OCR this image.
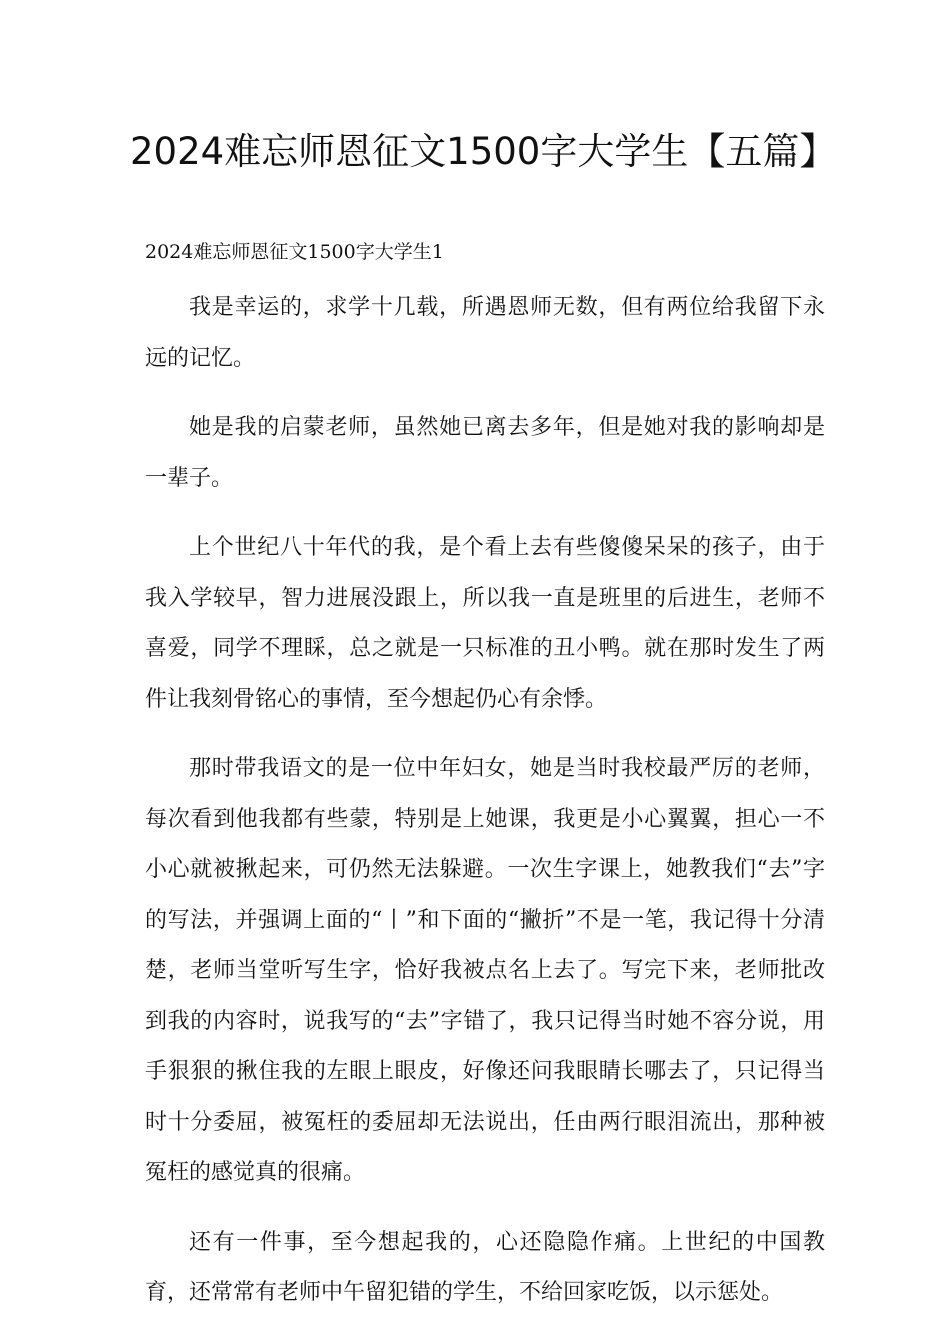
2024难忘师恩征文1500字大学生【五篇】

2024难忘师恩征文1500字大学生1

我是幸运的，求学十几载，所遇恩师无数，但有两位给我留下永远的记忆。

她是我的启蒙老师，虽然她已离去多年，但是她对我的影响却是一辈子。

上个世纪八十年代的我，是个看上去有些傻傻呆呆的孩子，由于我入学较早，智力进展没跟上，所以我一直是班里的后进生，老师不喜爱，同学不理睬，总之就是一只标准的丑小鸭。就在那时发生了两件让我刻骨铭心的事情，至今想起仍心有余悸。

那时带我语文的是一位中年妇女，她是当时我校最严厉的老师，每次看到他我都有些蒙，特别是上她课，我更是小心翼翼，担心一不小心就被揪起来，可仍然无法躲避。一次生字课上，她教我们“去”字的写法，并强调上面的“丨”和下面的“撇折”不是一笔，我记得十分清楚，老师当堂听写生字，恰好我被点名上去了。写完下来，老师批改到我的内容时，说我写的“去”字错了，我只记得当时她不容分说，用手狠狠的揪住我的左眼上眼皮，好像还问我眼睛长哪去了，只记得当时十分委屈，被冤枉的委屈却无法说出，任由两行眼泪流出，那种被冤枉的感觉真的很痛。

还有一件事，至今想起我的，心还隐隐作痛。上世纪的中国教育，还常常有老师中午留犯错的学生，不给回家吃饭，以示惩处。
